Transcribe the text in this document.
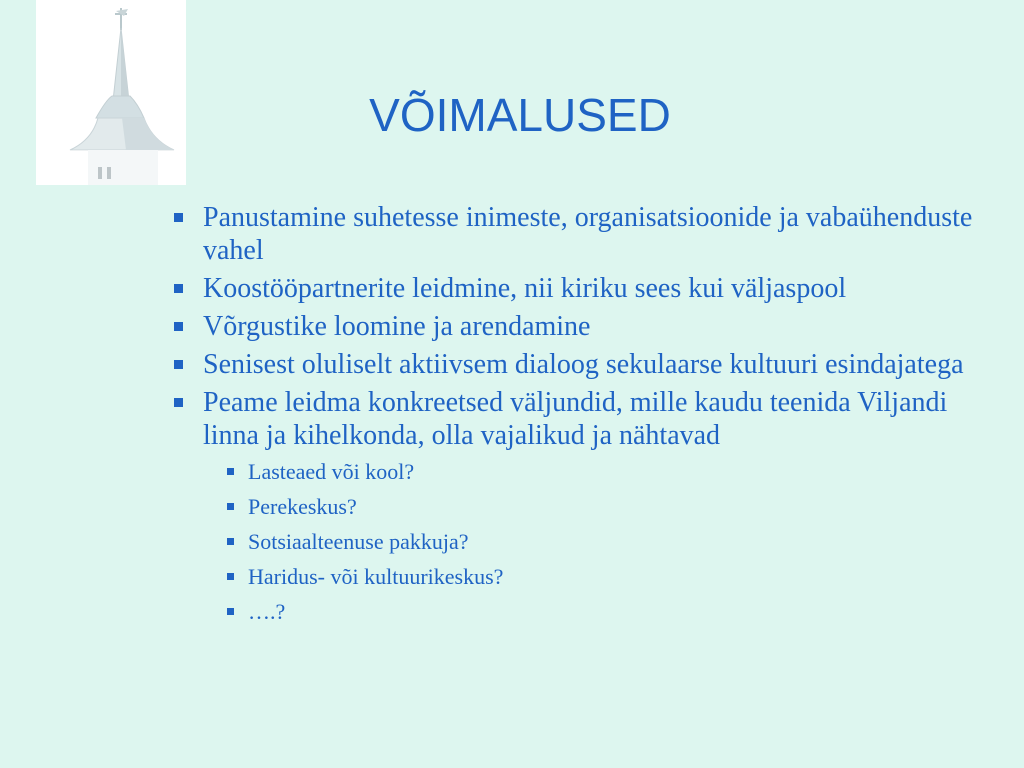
VÕIMALUSED
Panustamine suhetesse inimeste, organisatsioonide ja vabaühenduste vahel
Koostööpartnerite leidmine, nii kiriku sees kui väljaspool
Võrgustike loomine ja arendamine
Senisest oluliselt aktiivsem dialoog sekulaarse kultuuri esindajatega
Peame leidma konkreetsed väljundid, mille kaudu teenida Viljandi linna ja kihelkonda, olla vajalikud ja nähtavad
Lasteaed või kool?
Perekeskus?
Sotsiaalteenuse pakkuja?
Haridus- või kultuurikeskus?
….?
